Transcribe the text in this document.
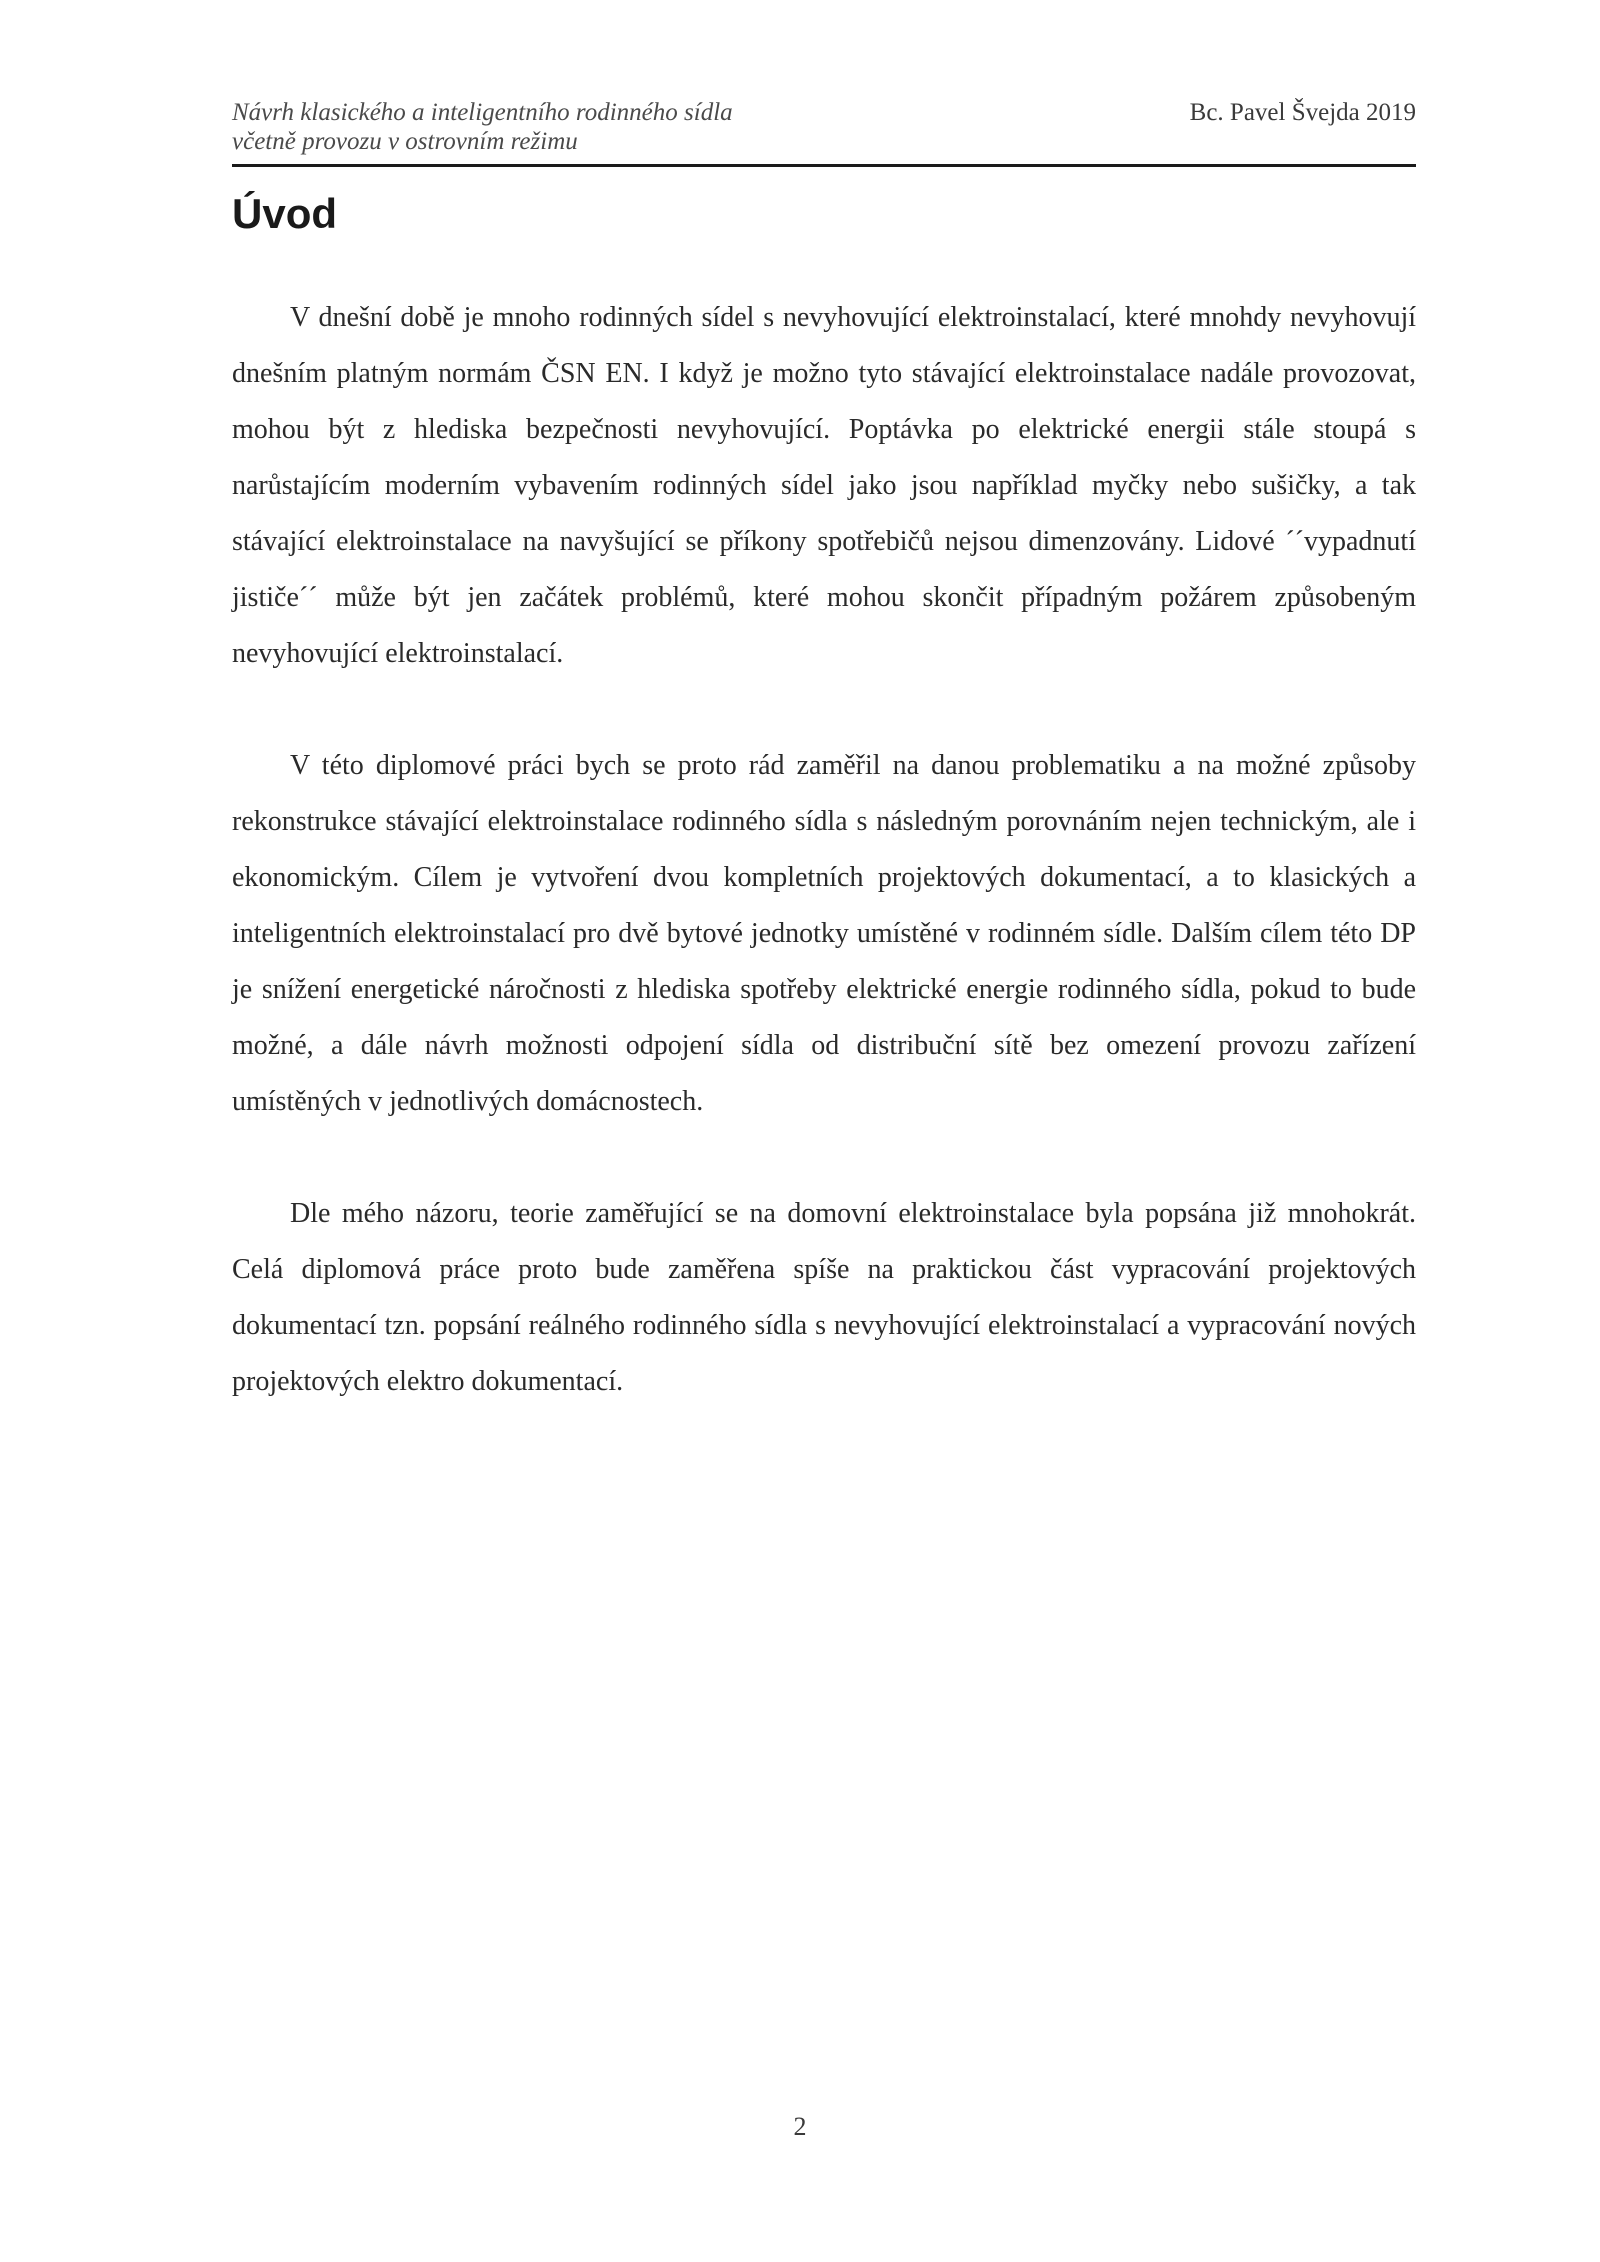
Návrh klasického a inteligentního rodinného sídla
včetně provozu v ostrovním režimu
Bc. Pavel Švejda 2019
Úvod

V dnešní době je mnoho rodinných sídel s nevyhovující elektroinstalací, které mnohdy nevyhovují dnešním platným normám ČSN EN. I když je možno tyto stávající elektroinstalace nadále provozovat, mohou být z hlediska bezpečnosti nevyhovující. Poptávka po elektrické energii stále stoupá s narůstajícím moderním vybavením rodinných sídel jako jsou například myčky nebo sušičky, a tak stávající elektroinstalace na navyšující se příkony spotřebičů nejsou dimenzovány. Lidové ´´vypadnutí jističe´´ může být jen začátek problémů, které mohou skončit případným požárem způsobeným nevyhovující elektroinstalací.

V této diplomové práci bych se proto rád zaměřil na danou problematiku a na možné způsoby rekonstrukce stávající elektroinstalace rodinného sídla s následným porovnáním nejen technickým, ale i ekonomickým. Cílem je vytvoření dvou kompletních projektových dokumentací, a to klasických a inteligentních elektroinstalací pro dvě bytové jednotky umístěné v rodinném sídle. Dalším cílem této DP je snížení energetické náročnosti z hlediska spotřeby elektrické energie rodinného sídla, pokud to bude možné, a dále návrh možnosti odpojení sídla od distribuční sítě bez omezení provozu zařízení umístěných v jednotlivých domácnostech.

Dle mého názoru, teorie zaměřující se na domovní elektroinstalace byla popsána již mnohokrát. Celá diplomová práce proto bude zaměřena spíše na praktickou část vypracování projektových dokumentací tzn. popsání reálného rodinného sídla s nevyhovující elektroinstalací a vypracování nových projektových elektro dokumentací.

2
